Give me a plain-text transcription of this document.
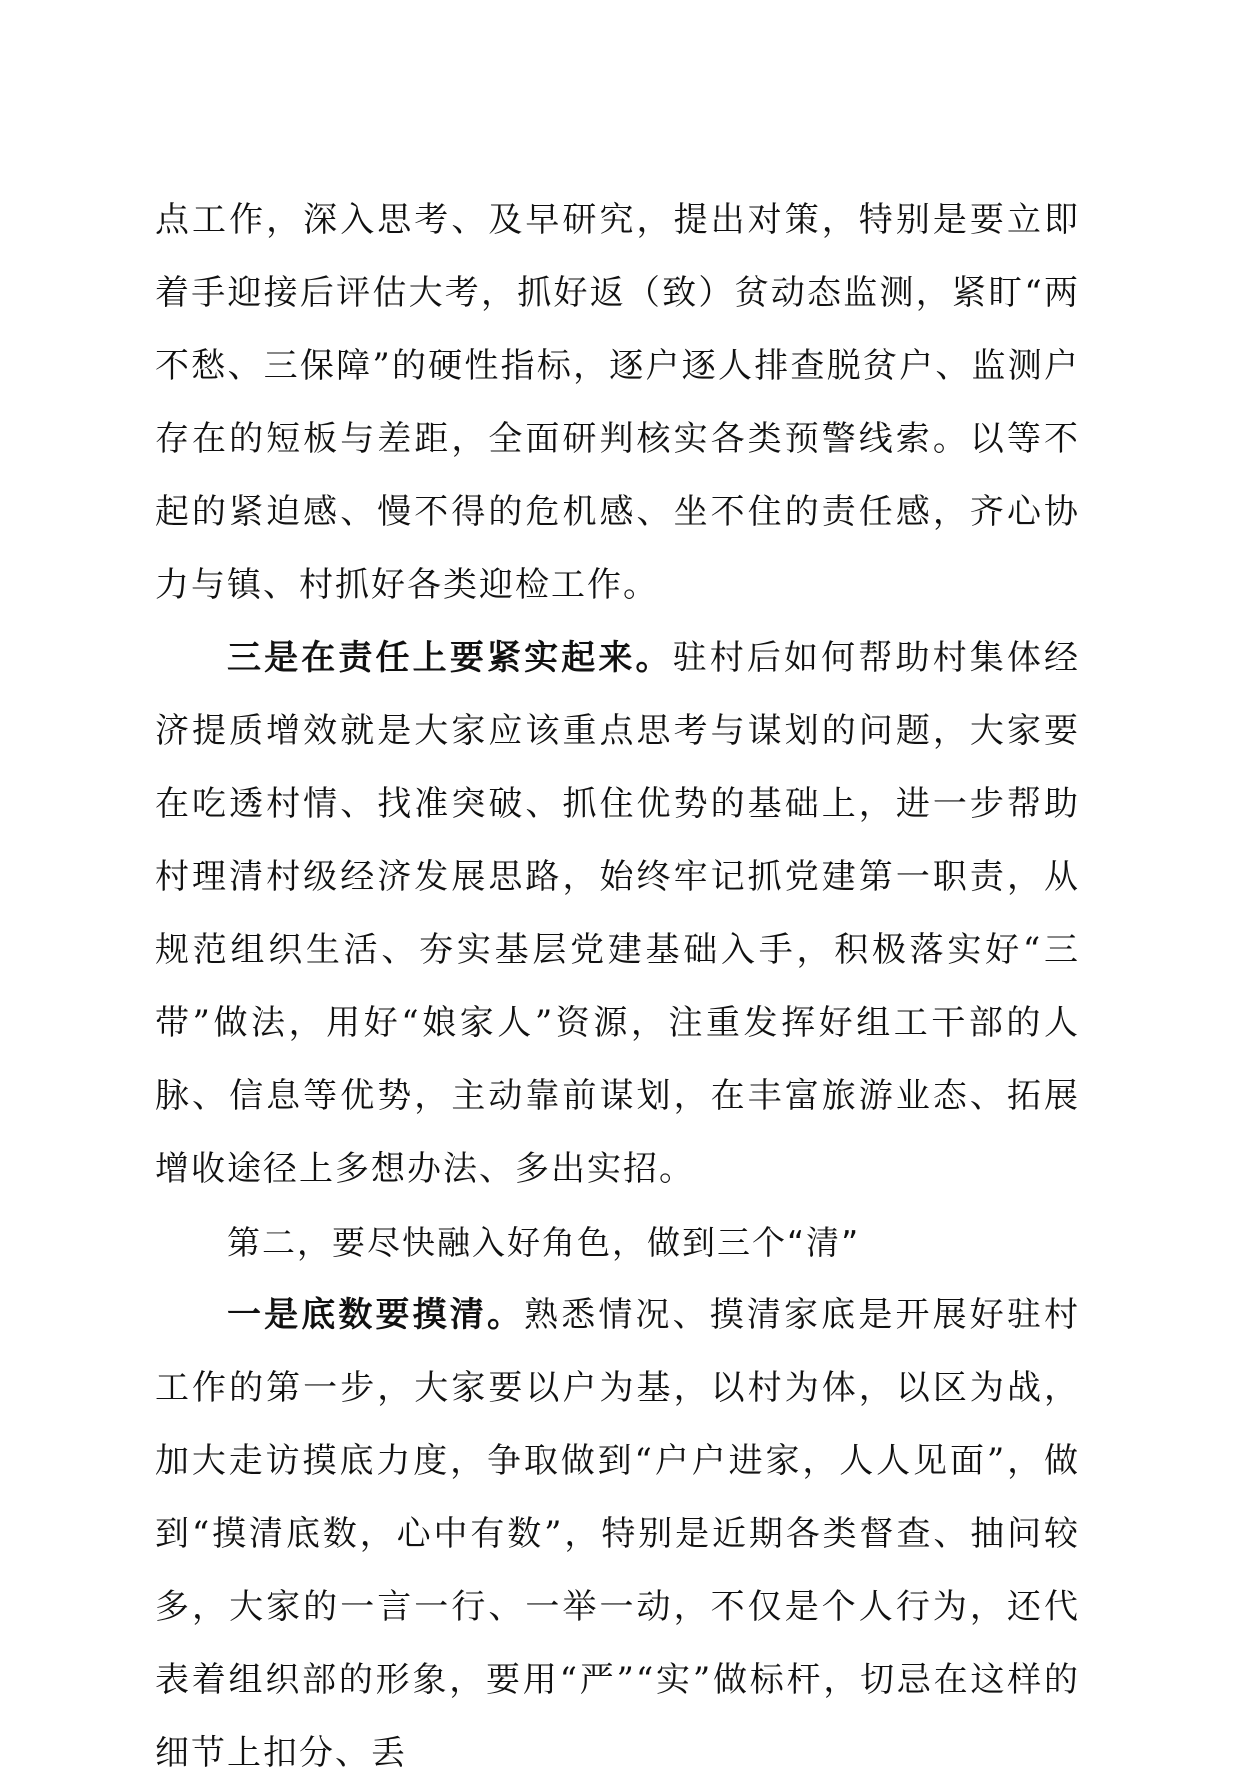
点工作，深入思考、及早研究，提出对策，特别是要立即着手迎接后评估大考，抓好返（致）贫动态监测，紧盯“两不愁、三保障”的硬性指标，逐户逐人排查脱贫户、监测户存在的短板与差距，全面研判核实各类预警线索。以等不起的紧迫感、慢不得的危机感、坐不住的责任感，齐心协力与镇、村抓好各类迎检工作。

三是在责任上要紧实起来。驻村后如何帮助村集体经济提质增效就是大家应该重点思考与谋划的问题，大家要在吃透村情、找准突破、抓住优势的基础上，进一步帮助村理清村级经济发展思路，始终牢记抓党建第一职责，从规范组织生活、夯实基层党建基础入手，积极落实好“三带”做法，用好“娘家人”资源，注重发挥好组工干部的人脉、信息等优势，主动靠前谋划，在丰富旅游业态、拓展增收途径上多想办法、多出实招。

第二，要尽快融入好角色，做到三个“清”

一是底数要摸清。熟悉情况、摸清家底是开展好驻村工作的第一步，大家要以户为基，以村为体，以区为战，加大走访摸底力度，争取做到“户户进家，人人见面”，做到“摸清底数，心中有数”，特别是近期各类督查、抽问较多，大家的一言一行、一举一动，不仅是个人行为，还代表着组织部的形象，要用“严”“实”做标杆，切忌在这样的细节上扣分、丢
